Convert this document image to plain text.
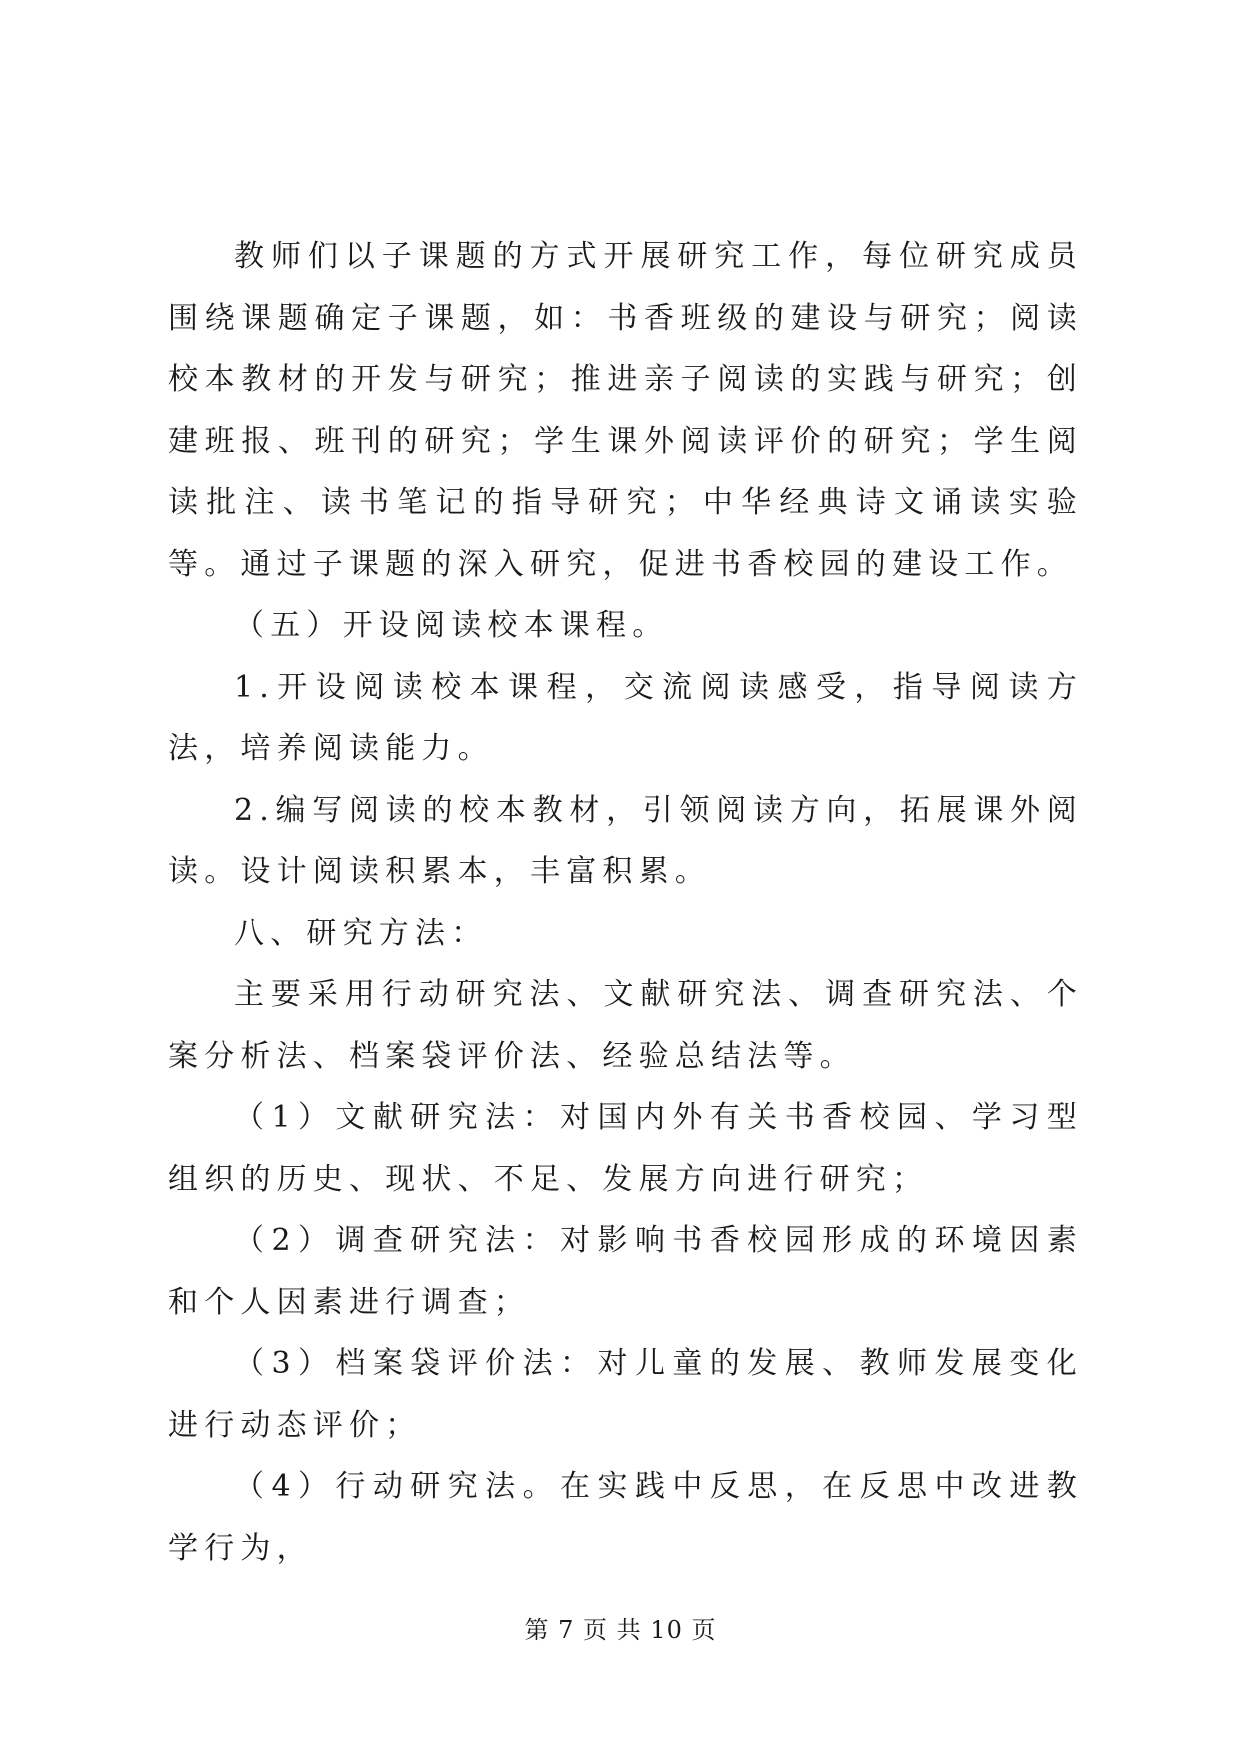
教师们以子课题的方式开展研究工作，每位研究成员围绕课题确定子课题，如：书香班级的建设与研究；阅读校本教材的开发与研究；推进亲子阅读的实践与研究；创建班报、班刊的研究；学生课外阅读评价的研究；学生阅读批注、读书笔记的指导研究；中华经典诗文诵读实验等。通过子课题的深入研究，促进书香校园的建设工作。

（五）开设阅读校本课程。

1.开设阅读校本课程，交流阅读感受，指导阅读方法，培养阅读能力。

2.编写阅读的校本教材，引领阅读方向，拓展课外阅读。设计阅读积累本，丰富积累。

八、研究方法：

主要采用行动研究法、文献研究法、调查研究法、个案分析法、档案袋评价法、经验总结法等。

（1）文献研究法：对国内外有关书香校园、学习型组织的历史、现状、不足、发展方向进行研究；

（2）调查研究法：对影响书香校园形成的环境因素和个人因素进行调查；

（3）档案袋评价法：对儿童的发展、教师发展变化进行动态评价；

（4）行动研究法。在实践中反思，在反思中改进教学行为，

第 7 页 共 10 页
